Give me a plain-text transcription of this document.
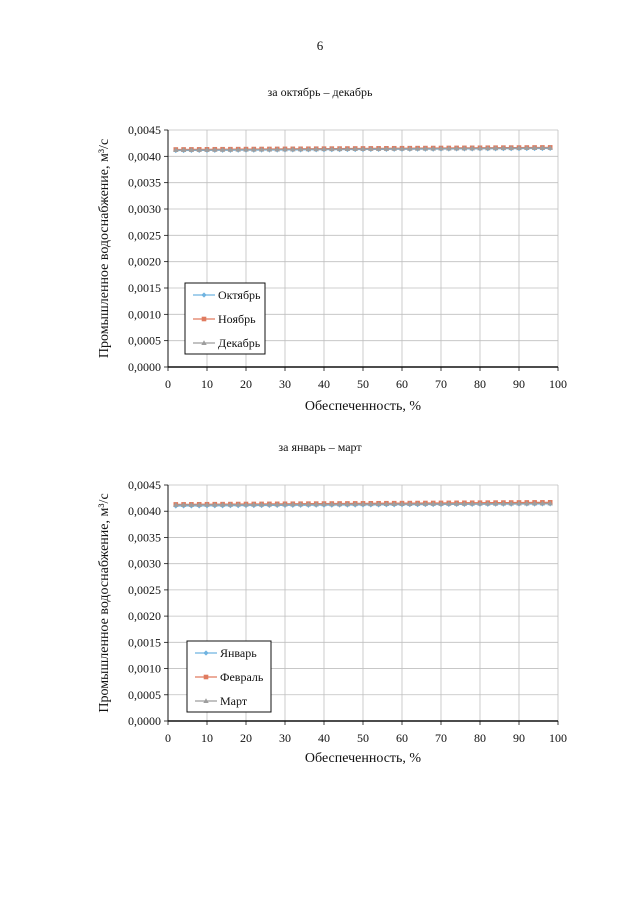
6
за октябрь – декабрь
0,0000
0,0005
0,0010
0,0015
0,0020
0,0025
0,0030
0,0035
0,0040
0,0045
0	10 20 30 40 50 60 70 80 90 100
Обеспеченность, %
Промышленное водоснабжение, м³/с	Октябрь
Ноябрь
Декабрь
за январь – март
0,0000
0,0005
0,0010
0,0015
0,0020
0,0025
0,0030
0,0035
0,0040
0,0045
0	10 20 30 40 50 60 70 80 90 100
Обеспеченность, %
Промышленное водоснабжение, м³/с	Январь
Февраль
Март
